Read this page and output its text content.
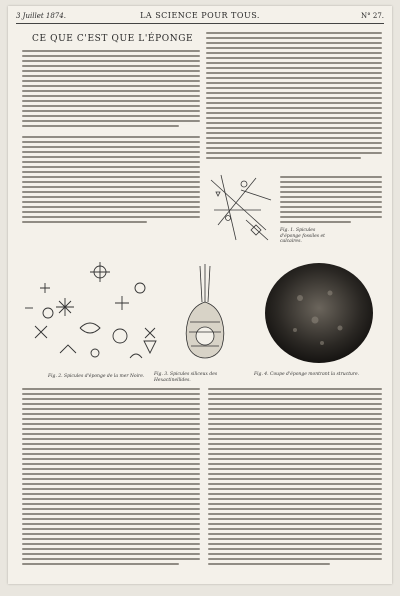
3 Juillet 1874.	LA SCIENCE POUR TOUS.	N° 27.
CE QUE C'EST QUE L'ÉPONGE
Fig. 1. Spicules d'éponge fossiles et calcaires.
Fig. 2. Spicules d'éponge de la mer Noire.	Fig. 3. Spicules siliceux des Hexactinellides.
Fig. 4. Coupe d'éponge montrant la structure.
